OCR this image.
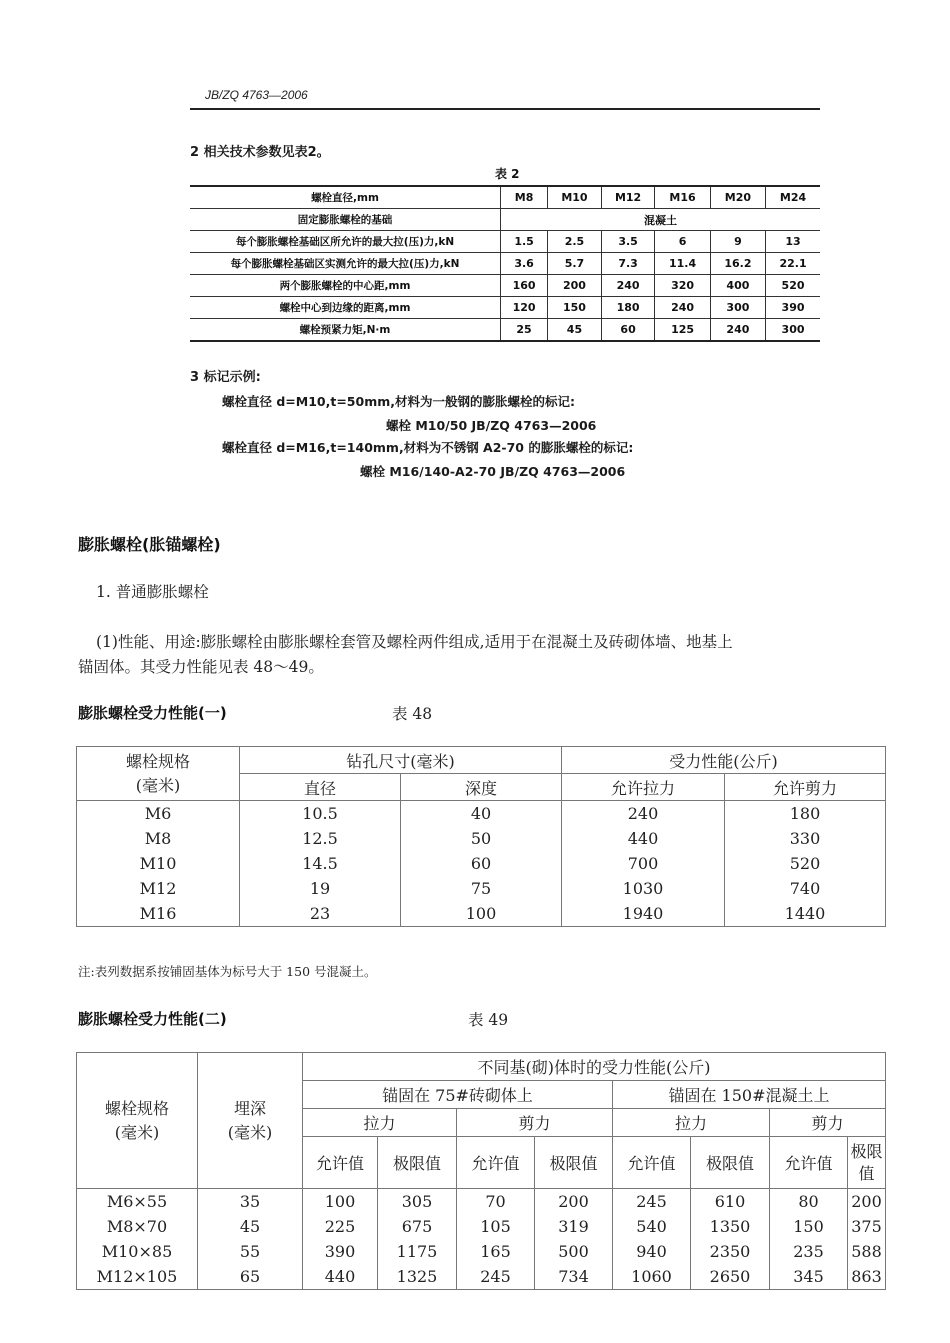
JB/ZQ 4763—2006
2 相关技术参数见表2。
表 2
螺栓直径,mm	M8	M10	M12	M16	M20	M24
固定膨胀螺栓的基础	混凝土					
每个膨胀螺栓基础区所允许的最大拉(压)力,kN	1.5	2.5	3.5	6	9	13
每个膨胀螺栓基础区实测允许的最大拉(压)力,kN	3.6	5.7	7.3	11.4	16.2	22.1
两个膨胀螺栓的中心距,mm	160	200	240	320	400	520
螺栓中心到边缘的距离,mm	120	150	180	240	300	390
螺栓预紧力矩,N·m	25	45	60	125	240	300
3 标记示例:
螺栓直径 d=M10,t=50mm,材料为一般钢的膨胀螺栓的标记:
螺栓 M10/50 JB/ZQ 4763—2006
螺栓直径 d=M16,t=140mm,材料为不锈钢 A2-70 的膨胀螺栓的标记:
螺栓 M16/140-A2-70 JB/ZQ 4763—2006
膨胀螺栓(胀锚螺栓)
1. 普通膨胀螺栓
(1)性能、用途:膨胀螺栓由膨胀螺栓套管及螺栓两件组成,适用于在混凝土及砖砌体墙、地基上
锚固体。其受力性能见表 48～49。
膨胀螺栓受力性能(一)	表 48
螺栓规格
(毫米)	钻孔尺寸(毫米)		受力性能(公斤)	
	直径	深度	允许拉力	允许剪力
M6	10.5	40	240	180
M8	12.5	50	440	330
M10	14.5	60	700	520
M12	19	75	1030	740
M16	23	100	1940	1440
注:表列数据系按铺固基体为标号大于 150 号混凝土。
膨胀螺栓受力性能(二)	表 49
螺栓规格
(毫米)	埋深
(毫米)	不同基(砌)体时的受力性能(公斤)							
		锚固在 75#砖砌体上				锚固在 150#混凝土上			
		拉力		剪力		拉力		剪力	
		允许值	极限值	允许值	极限值	允许值	极限值	允许值	极限
值
M6×55	35	100	305	70	200	245	610	80	200
M8×70	45	225	675	105	319	540	1350	150	375
M10×85	55	390	1175	165	500	940	2350	235	588
M12×105	65	440	1325	245	734	1060	2650	345	863
